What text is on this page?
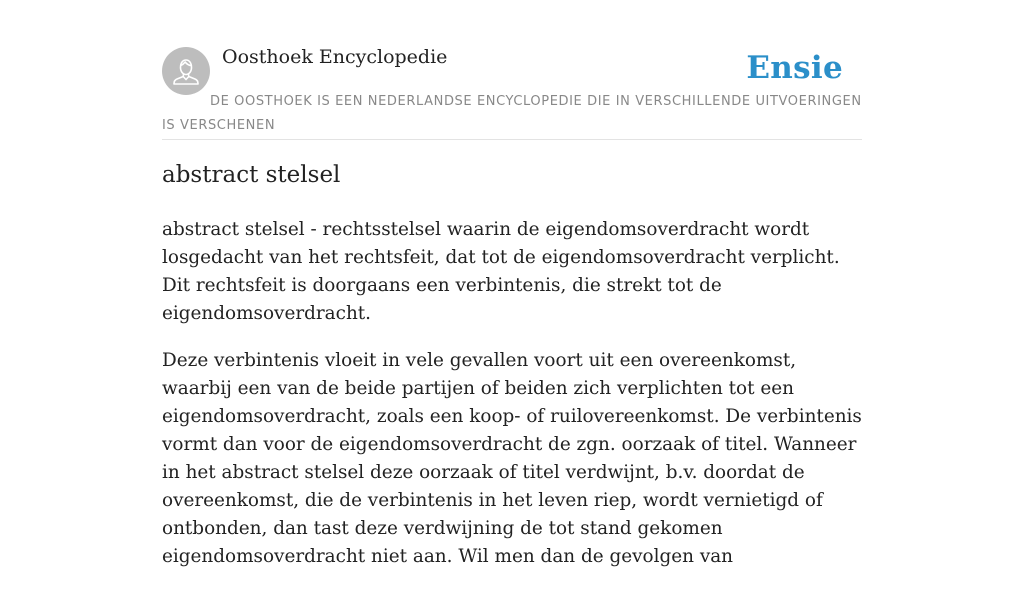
Oosthoek Encyclopedie	Ensie
DE OOSTHOEK IS EEN NEDERLANDSE ENCYCLOPEDIE DIE IN VERSCHILLENDE UITVOERINGEN IS VERSCHENEN
abstract stelsel

abstract stelsel - rechtsstelsel waarin de eigendomsoverdracht wordt losgedacht van het rechtsfeit, dat tot de eigendomsoverdracht verplicht. Dit rechtsfeit is doorgaans een verbintenis, die strekt tot de eigendomsoverdracht.

Deze verbintenis vloeit in vele gevallen voort uit een overeenkomst, waarbij een van de beide partijen of beiden zich verplichten tot een eigendomsoverdracht, zoals een koop- of ruilovereenkomst. De verbintenis vormt dan voor de eigendomsoverdracht de zgn. oorzaak of titel. Wanneer in het abstract stelsel deze oorzaak of titel verdwijnt, b.v. doordat de overeenkomst, die de verbintenis in het leven riep, wordt vernietigd of ontbonden, dan tast deze verdwijning de tot stand gekomen eigendomsoverdracht niet aan. Wil men dan de gevolgen van
